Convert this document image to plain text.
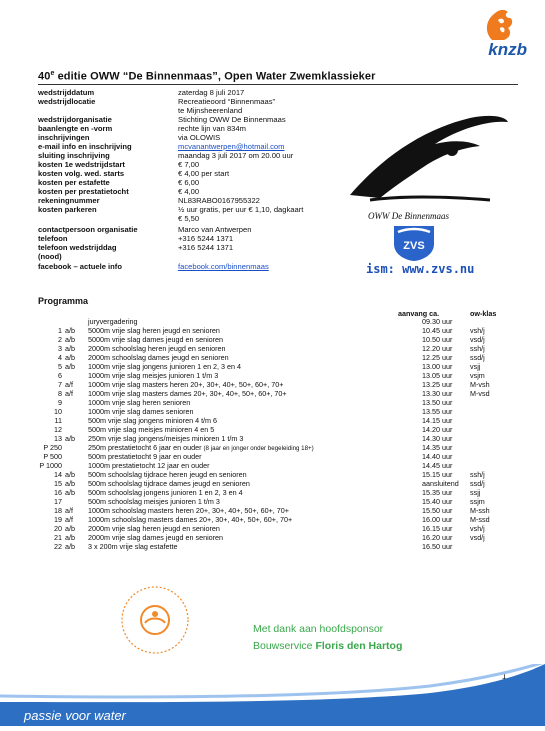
knzb
40e editie OWW “De Binnenmaas”, Open Water Zwemklassieker
wedstrijddatum	zaterdag 8 juli 2017
wedstrijdlocatie	Recreatieoord “Binnenmaas”
te Mijnsheerenland
wedstrijdorganisatie	Stichting OWW De Binnenmaas
baanlengte en -vorm	rechte lijn van 834m
inschrijvingen	via OLOWIS
e-mail info en inschrijving	mcvanantwerpen@hotmail.com
sluiting inschrijving	maandag 3 juli 2017 om 20.00 uur
kosten 1e wedstrijdstart	€ 7,00
kosten volg. wed. starts	€ 4,00 per start
kosten per estafette	€ 6,00
kosten per prestatietocht	€ 4,00
rekeningnummer	NL83RABO0167955322
kosten parkeren	½ uur gratis, per uur € 1,10, dagkaart
€ 5,50
contactpersoon organisatie	Marco van Antwerpen
telefoon	+316 5244 1371
telefoon wedstrijddag	+316 5244 1371
(nood)
facebook – actuele info	facebook.com/binnenmaas
OWW De Binnenmaas
ZVS
ism: www.zvs.nu
Programma
aanvang ca.	ow-klas
juryvergadering	09.30 uur
1 a/b 5000m vrije slag heren jeugd en senioren	10.45 uur vsh/j
2 a/b 5000m vrije slag dames jeugd en senioren	10.50 uur vsd/j
3 a/b 2000m schoolslag heren jeugd en senioren	12.20 uur ssh/j
4 a/b 2000m schoolslag dames jeugd en senioren	12.25 uur ssd/j
5 a/b 1000m vrije slag jongens junioren 1 en 2, 3 en 4	13.00 uur vsjj
6	1000m vrije slag meisjes junioren 1 t/m 3	13.05 uur vsjm
7 a/f 1000m vrije slag masters heren 20+, 30+, 40+, 50+, 60+, 70+	13.25 uur M-vsh
8 a/f 1000m vrije slag masters dames 20+, 30+, 40+, 50+, 60+, 70+	13.30 uur M-vsd
9	1000m vrije slag heren senioren	13.50 uur
10	1000m vrije slag dames senioren	13.55 uur
11	500m vrije slag jongens minioren 4 t/m 6	14.15 uur
12	500m vrije slag meisjes minioren 4 en 5	14.20 uur
13 a/b 250m vrije slag jongens/meisjes minioren 1 t/m 3	14.30 uur
P 250	250m prestatietocht 6 jaar en ouder (8 jaar en jonger onder begeleiding 18+)	14.35 uur
P 500	500m prestatietocht 9 jaar en ouder	14.40 uur
P 1000	1000m prestatietocht 12 jaar en ouder	14.45 uur
14 a/b 500m schoolslag tijdrace heren jeugd en senioren	15.15 uur ssh/j
15 a/b 500m schoolslag tijdrace dames jeugd en senioren	aansluitend ssd/j
16 a/b 500m schoolslag jongens junioren 1 en 2, 3 en 4	15.35 uur ssjj
17	500m schoolslag meisjes junioren 1 t/m 3	15.40 uur ssjm
18 a/f 1000m schoolslag masters heren 20+, 30+, 40+, 50+, 60+, 70+	15.50 uur M-ssh
19 a/f 1000m schoolslag masters dames 20+, 30+, 40+, 50+, 60+, 70+	16.00 uur M-ssd
20 a/b 2000m vrije slag heren jeugd en senioren	16.15 uur vsh/j
21 a/b 2000m vrije slag dames jeugd en senioren	16.20 uur vsd/j
22 a/b 3 x 200m vrije slag estafette	16.50 uur
Met dank aan hoofdsponsor
Bouwservice Floris den Hartog
1
passie voor water
